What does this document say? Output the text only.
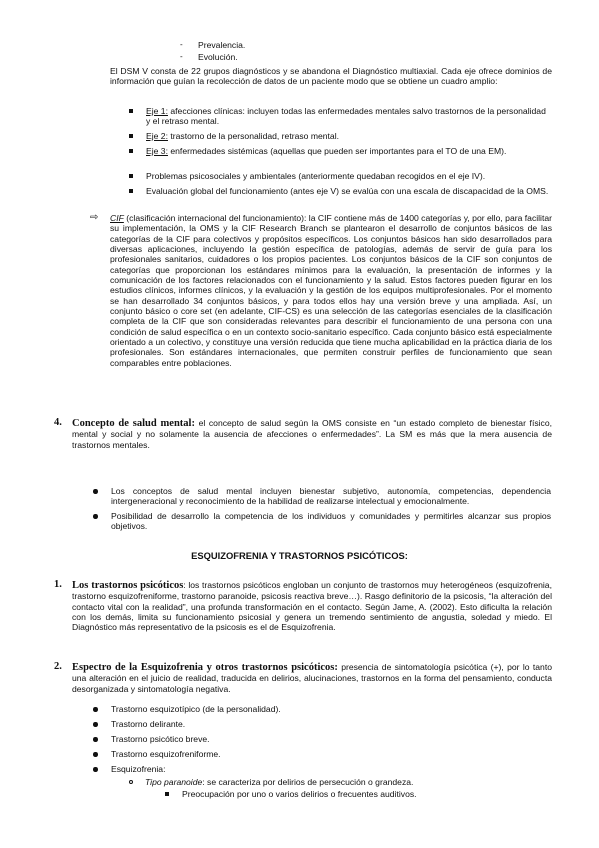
- Prevalencia.
- Evolución.
El DSM V consta de 22 grupos diagnósticos y se abandona el Diagnóstico multiaxial. Cada eje ofrece dominios de información que guían la recolección de datos de un paciente modo que se obtiene un cuadro amplio:
Eje 1: afecciones clínicas: incluyen todas las enfermedades mentales salvo trastornos de la personalidad y el retraso mental.
Eje 2: trastorno de la personalidad, retraso mental.
Eje 3: enfermedades sistémicas (aquellas que pueden ser importantes para el TO de una EM).
Problemas psicosociales y ambientales (anteriormente quedaban recogidos en el eje IV).
Evaluación global del funcionamiento (antes eje V) se evalúa con una escala de discapacidad de la OMS.
⇨ CIF (clasificación internacional del funcionamiento): la CIF contiene más de 1400 categorías y, por ello, para facilitar su implementación, la OMS y la CIF Research Branch se plantearon el desarrollo de conjuntos básicos de las categorías de la CIF para colectivos y propósitos específicos. Los conjuntos básicos han sido desarrollados para diversas aplicaciones, incluyendo la gestión específica de patologías, además de servir de guía para los profesionales sanitarios, cuidadores o los propios pacientes. Los conjuntos básicos de la CIF son conjuntos de categorías que proporcionan los estándares mínimos para la evaluación, la presentación de informes y la comunicación de los factores relacionados con el funcionamiento y la salud. Estos factores pueden figurar en los estudios clínicos, informes clínicos, y la evaluación y la gestión de los equipos multiprofesionales. Por el momento se han desarrollado 34 conjuntos básicos, y para todos ellos hay una versión breve y una ampliada. Así, un conjunto básico o core set (en adelante, CIF-CS) es una selección de las categorías esenciales de la clasificación completa de la CIF que son consideradas relevantes para describir el funcionamiento de una persona con una condición de salud específica o en un contexto socio-sanitario específico. Cada conjunto básico está especialmente orientado a un colectivo, y constituye una versión reducida que tiene mucha aplicabilidad en la práctica diaria de los profesionales. Son estándares internacionales, que permiten construir perfiles de funcionamiento que sean comparables entre poblaciones.
4. Concepto de salud mental: el concepto de salud según la OMS consiste en “un estado completo de bienestar físico, mental y social y no solamente la ausencia de afecciones o enfermedades”. La SM es más que la mera ausencia de trastornos mentales.
Los conceptos de salud mental incluyen bienestar subjetivo, autonomía, competencias, dependencia intergeneracional y reconocimiento de la habilidad de realizarse intelectual y emocionalmente.
Posibilidad de desarrollo la competencia de los individuos y comunidades y permitirles alcanzar sus propios objetivos.
ESQUIZOFRENIA Y TRASTORNOS PSICÓTICOS:
1. Los trastornos psicóticos: los trastornos psicóticos engloban un conjunto de trastornos muy heterogéneos (esquizofrenia, trastorno esquizofreniforme, trastorno paranoide, psicosis reactiva breve…). Rasgo definitorio de la psicosis, “la alteración del contacto vital con la realidad”, una profunda transformación en el contacto. Según Jame, A. (2002). Esto dificulta la relación con los demás, limita su funcionamiento psicosial y genera un tremendo sentimiento de angustia, soledad y miedo. El Diagnóstico más representativo de la psicosis es el de Esquizofrenia.
2. Espectro de la Esquizofrenia y otros trastornos psicóticos: presencia de sintomatología psicótica (+), por lo tanto una alteración en el juicio de realidad, traducida en delirios, alucinaciones, trastornos en la forma del pensamiento, conducta desorganizada y sintomatología negativa.
Trastorno esquizotípico (de la personalidad).
Trastorno delirante.
Trastorno psicótico breve.
Trastorno esquizofreniforme.
Esquizofrenia:
Tipo paranoide: se caracteriza por delirios de persecución o grandeza.
Preocupación por uno o varios delirios o frecuentes auditivos.
